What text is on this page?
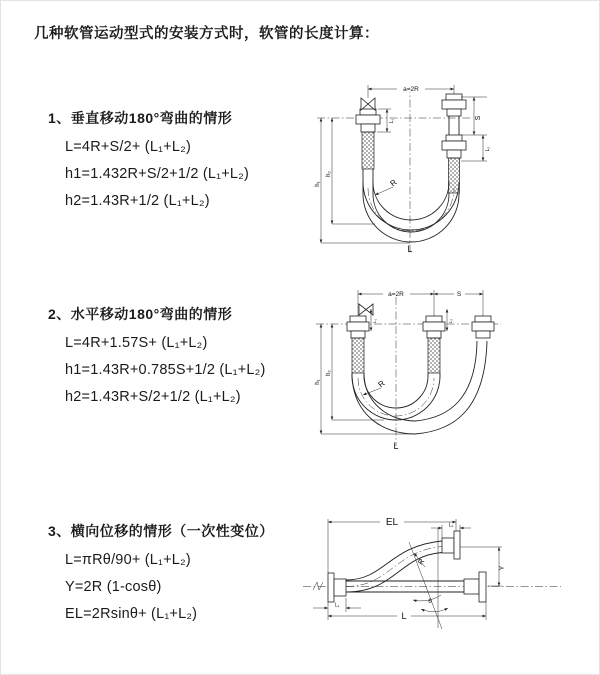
几种软管运动型式的安装方式时，软管的长度计算：
1、垂直移动180°弯曲的情形
L=4R+S/2+ (L₁+L₂)
h1=1.432R+S/2+1/2 (L₁+L₂)
h2=1.43R+1/2 (L₁+L₂)
2、水平移动180°弯曲的情形
L=4R+1.57S+ (L₁+L₂)
h1=1.43R+0.785S+1/2 (L₁+L₂)
h2=1.43R+S/2+1/2 (L₁+L₂)
3、横向位移的情形（一次性变位）
L=πRθ/90+ (L₁+L₂)
Y=2R (1-cosθ)
EL=2Rsinθ+ (L₁+L₂)
a=2R
S
L₂
L₁
h₁
h₂
R
L
a=2R	S
L₁	L₂
h₁
h₂
R
L
θ
EL	L₂
Y
R
L₁
L
